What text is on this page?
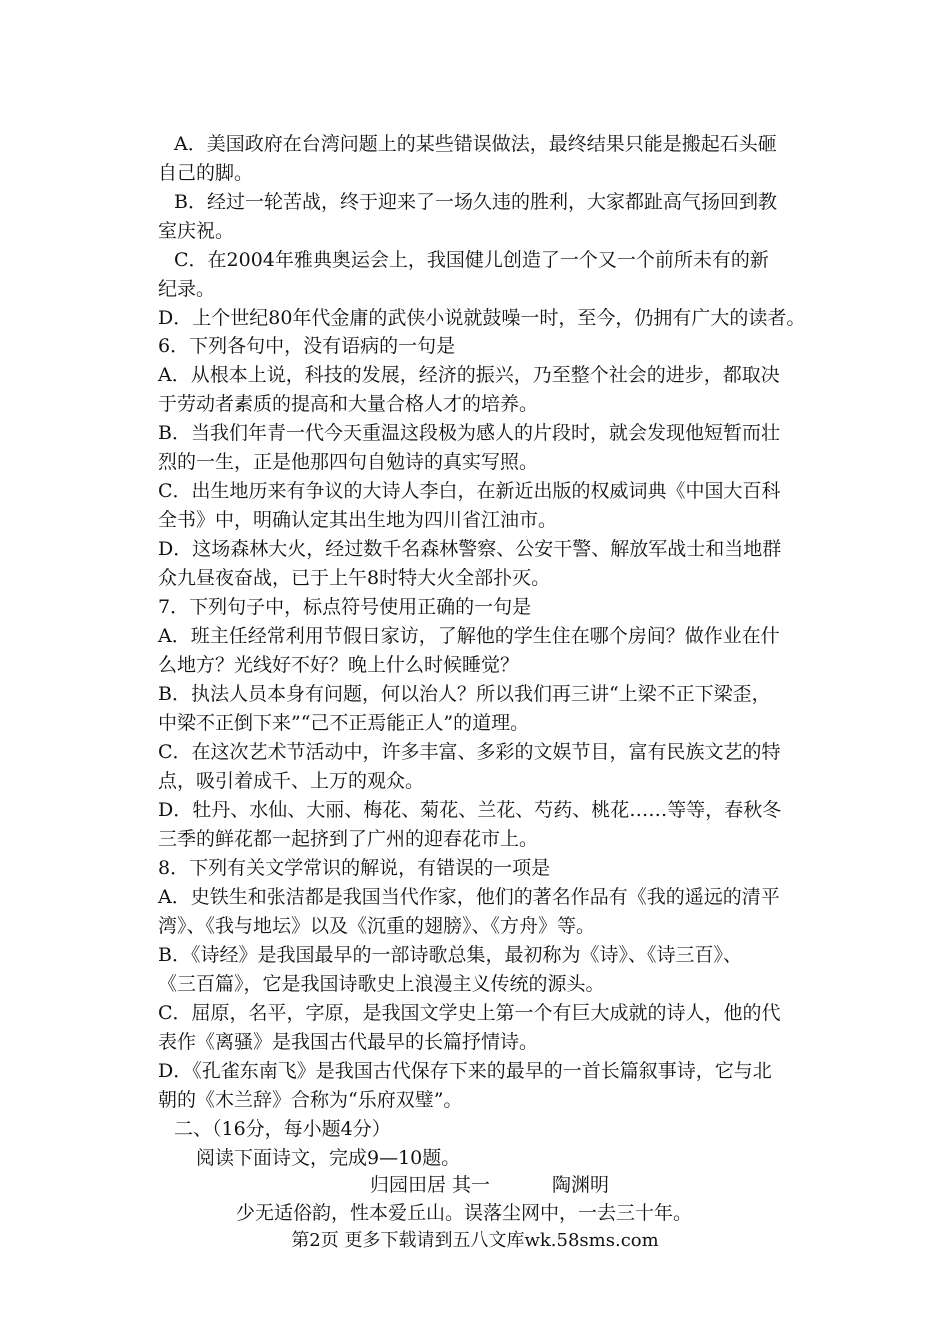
A．美国政府在台湾问题上的某些错误做法，最终结果只能是搬起石头砸
自己的脚。
B．经过一轮苦战，终于迎来了一场久违的胜利，大家都趾高气扬回到教
室庆祝。
C．在2004年雅典奥运会上，我国健儿创造了一个又一个前所未有的新
纪录。
D．上个世纪80年代金庸的武侠小说就鼓噪一时，至今，仍拥有广大的读者。
6．下列各句中，没有语病的一句是
A．从根本上说，科技的发展，经济的振兴，乃至整个社会的进步，都取决
于劳动者素质的提高和大量合格人才的培养。
B．当我们年青一代今天重温这段极为感人的片段时，就会发现他短暂而壮
烈的一生，正是他那四句自勉诗的真实写照。
C．出生地历来有争议的大诗人李白，在新近出版的权威词典《中国大百科
全书》中，明确认定其出生地为四川省江油市。
D．这场森林大火，经过数千名森林警察、公安干警、解放军战士和当地群
众九昼夜奋战，已于上午8时特大火全部扑灭。
7．下列句子中，标点符号使用正确的一句是
A．班主任经常利用节假日家访，了解他的学生住在哪个房间？做作业在什
么地方？光线好不好？晚上什么时候睡觉？
B．执法人员本身有问题，何以治人？所以我们再三讲“上梁不正下梁歪，
中梁不正倒下来”“己不正焉能正人”的道理。
C．在这次艺术节活动中，许多丰富、多彩的文娱节目，富有民族文艺的特
点，吸引着成千、上万的观众。
D．牡丹、水仙、大丽、梅花、菊花、兰花、芍药、桃花……等等，春秋冬
三季的鲜花都一起挤到了广州的迎春花市上。
8．下列有关文学常识的解说，有错误的一项是
A．史铁生和张洁都是我国当代作家，他们的著名作品有《我的遥远的清平
湾》、《我与地坛》以及《沉重的翅膀》、《方舟》等。
B．《诗经》是我国最早的一部诗歌总集，最初称为《诗》、《诗三百》、
《三百篇》，它是我国诗歌史上浪漫主义传统的源头。
C．屈原，名平，字原，是我国文学史上第一个有巨大成就的诗人，他的代
表作《离骚》是我国古代最早的长篇抒情诗。
D．《孔雀东南飞》是我国古代保存下来的最早的一首长篇叙事诗，它与北
朝的《木兰辞》合称为“乐府双璧”。
二、（16分，每小题4分）
阅读下面诗文，完成9—10题。
归园田居 其一	陶渊明
少无适俗韵，性本爱丘山。误落尘网中，一去三十年。
第2页 更多下载请到五八文库wk.58sms.com
